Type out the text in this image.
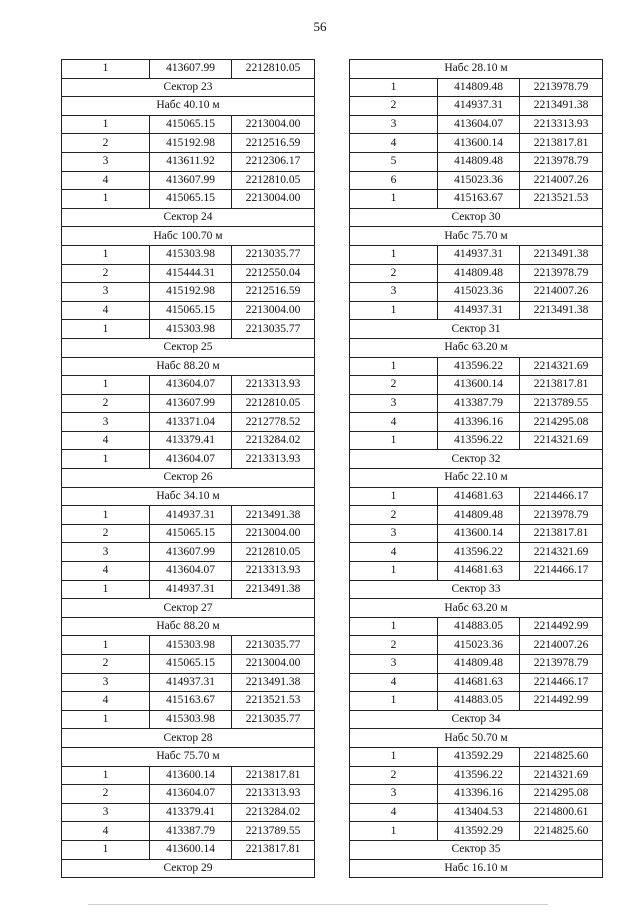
56
1	413607.99	2212810.05
Сектор 23		
Набс 40.10 м		
1	415065.15	2213004.00
2	415192.98	2212516.59
3	413611.92	2212306.17
4	413607.99	2212810.05
1	415065.15	2213004.00
Сектор 24		
Набс 100.70 м		
1	415303.98	2213035.77
2	415444.31	2212550.04
3	415192.98	2212516.59
4	415065.15	2213004.00
1	415303.98	2213035.77
Сектор 25		
Набс 88.20 м		
1	413604.07	2213313.93
2	413607.99	2212810.05
3	413371.04	2212778.52
4	413379.41	2213284.02
1	413604.07	2213313.93
Сектор 26		
Набс 34.10 м		
1	414937.31	2213491.38
2	415065.15	2213004.00
3	413607.99	2212810.05
4	413604.07	2213313.93
1	414937.31	2213491.38
Сектор 27		
Набс 88.20 м		
1	415303.98	2213035.77
2	415065.15	2213004.00
3	414937.31	2213491.38
4	415163.67	2213521.53
1	415303.98	2213035.77
Сектор 28		
Набс 75.70 м		
1	413600.14	2213817.81
2	413604.07	2213313.93
3	413379.41	2213284.02
4	413387.79	2213789.55
1	413600.14	2213817.81
Сектор 29		
Набс 28.10 м		
1	414809.48	2213978.79
2	414937.31	2213491.38
3	413604.07	2213313.93
4	413600.14	2213817.81
5	414809.48	2213978.79
6	415023.36	2214007.26
1	415163.67	2213521.53
Сектор 30		
Набс 75.70 м		
1	414937.31	2213491.38
2	414809.48	2213978.79
3	415023.36	2214007.26
1	414937.31	2213491.38
Сектор 31		
Набс 63.20 м		
1	413596.22	2214321.69
2	413600.14	2213817.81
3	413387.79	2213789.55
4	413396.16	2214295.08
1	413596.22	2214321.69
Сектор 32		
Набс 22.10 м		
1	414681.63	2214466.17
2	414809.48	2213978.79
3	413600.14	2213817.81
4	413596.22	2214321.69
1	414681.63	2214466.17
Сектор 33		
Набс 63.20 м		
1	414883.05	2214492.99
2	415023.36	2214007.26
3	414809.48	2213978.79
4	414681.63	2214466.17
1	414883.05	2214492.99
Сектор 34		
Набс 50.70 м		
1	413592.29	2214825.60
2	413596.22	2214321.69
3	413396.16	2214295.08
4	413404.53	2214800.61
1	413592.29	2214825.60
Сектор 35		
Набс 16.10 м		
